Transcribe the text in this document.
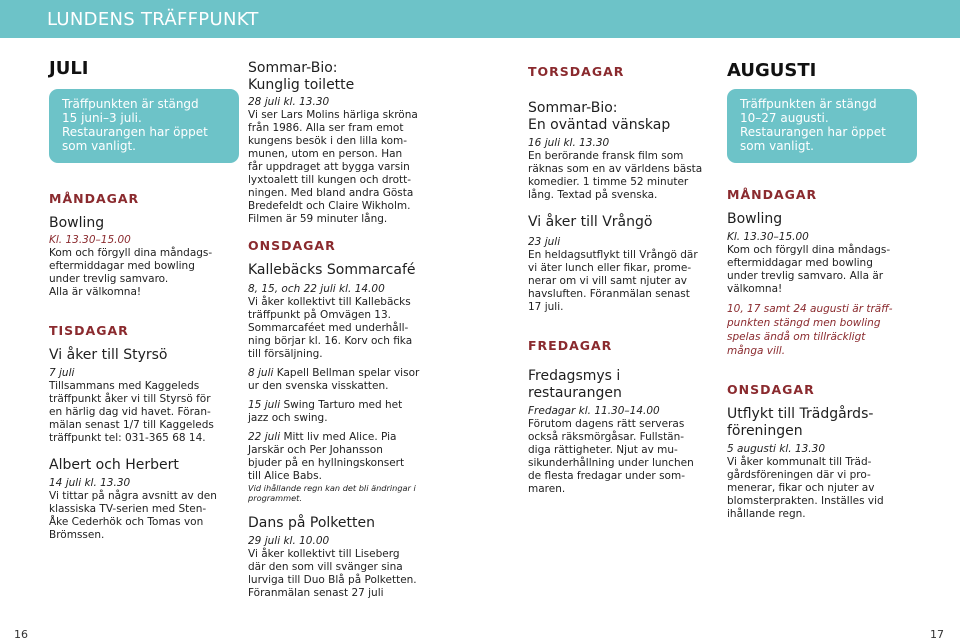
LUNDENS TRÄFFPUNKT
JULI
Träffpunkten är stängd
15 juni–3 juli.
Restaurangen har öppet
som vanligt.
MÅNDAGAR
Bowling
Kl. 13.30–15.00
Kom och förgyll dina måndags-
eftermiddagar med bowling
under trevlig samvaro.
Alla är välkomna!
TISDAGAR
Vi åker till Styrsö
7 juli
Tillsammans med Kaggeleds
träffpunkt åker vi till Styrsö för
en härlig dag vid havet. Föran-
mälan senast 1/7 till Kaggeleds
träffpunkt tel: 031-365 68 14.
Albert och Herbert
14 juli kl. 13.30
Vi tittar på några avsnitt av den
klassiska TV-serien med Sten-
Åke Cederhök och Tomas von
Brömssen.
Sommar-Bio:
Kunglig toilette
28 juli kl. 13.30
Vi ser Lars Molins härliga skröna
från 1986. Alla ser fram emot
kungens besök i den lilla kom-
munen, utom en person. Han
får uppdraget att bygga varsin
lyxtoalett till kungen och drott-
ningen. Med bland andra Gösta
Bredefeldt och Claire Wikholm.
Filmen är 59 minuter lång.
ONSDAGAR
Kallebäcks Sommarcafé
8, 15, och 22 juli kl. 14.00
Vi åker kollektivt till Kallebäcks
träffpunkt på Omvägen 13.
Sommarcaféet med underhåll-
ning börjar kl. 16. Korv och fika
till försäljning.
8 juli Kapell Bellman spelar visor
ur den svenska visskatten.
15 juli Swing Tarturo med het
jazz och swing.
22 juli Mitt liv med Alice. Pia
Jarskär och Per Johansson
bjuder på en hyllningskonsert
till Alice Babs.
Vid ihållande regn kan det bli ändringar i
programmet.
Dans på Polketten
29 juli kl. 10.00
Vi åker kollektivt till Liseberg
där den som vill svänger sina
lurviga till Duo Blå på Polketten.
Föranmälan senast 27 juli
TORSDAGAR
Sommar-Bio:
En oväntad vänskap
16 juli kl. 13.30
En berörande fransk film som
räknas som en av världens bästa
komedier. 1 timme 52 minuter
lång. Textad på svenska.
Vi åker till Vrångö
23 juli
En heldagsutflykt till Vrångö där
vi äter lunch eller fikar, prome-
nerar om vi vill samt njuter av
havsluften. Föranmälan senast
17 juli.
FREDAGAR
Fredagsmys i
restaurangen
Fredagar kl. 11.30–14.00
Förutom dagens rätt serveras
också räksmörgåsar. Fullstän-
diga rättigheter. Njut av mu-
sikunderhållning under lunchen
de flesta fredagar under som-
maren.
AUGUSTI
Träffpunkten är stängd
10–27 augusti.
Restaurangen har öppet
som vanligt.
MÅNDAGAR
Bowling
Kl. 13.30–15.00
Kom och förgyll dina måndags-
eftermiddagar med bowling
under trevlig samvaro. Alla är
välkomna!
10, 17 samt 24 augusti är träff-
punkten stängd men bowling
spelas ändå om tillräckligt
många vill.
ONSDAGAR
Utflykt till Trädgårds-
föreningen
5 augusti kl. 13.30
Vi åker kommunalt till Träd-
gårdsföreningen där vi pro-
menerar, fikar och njuter av
blomsterprakten. Inställes vid
ihållande regn.
16	17
